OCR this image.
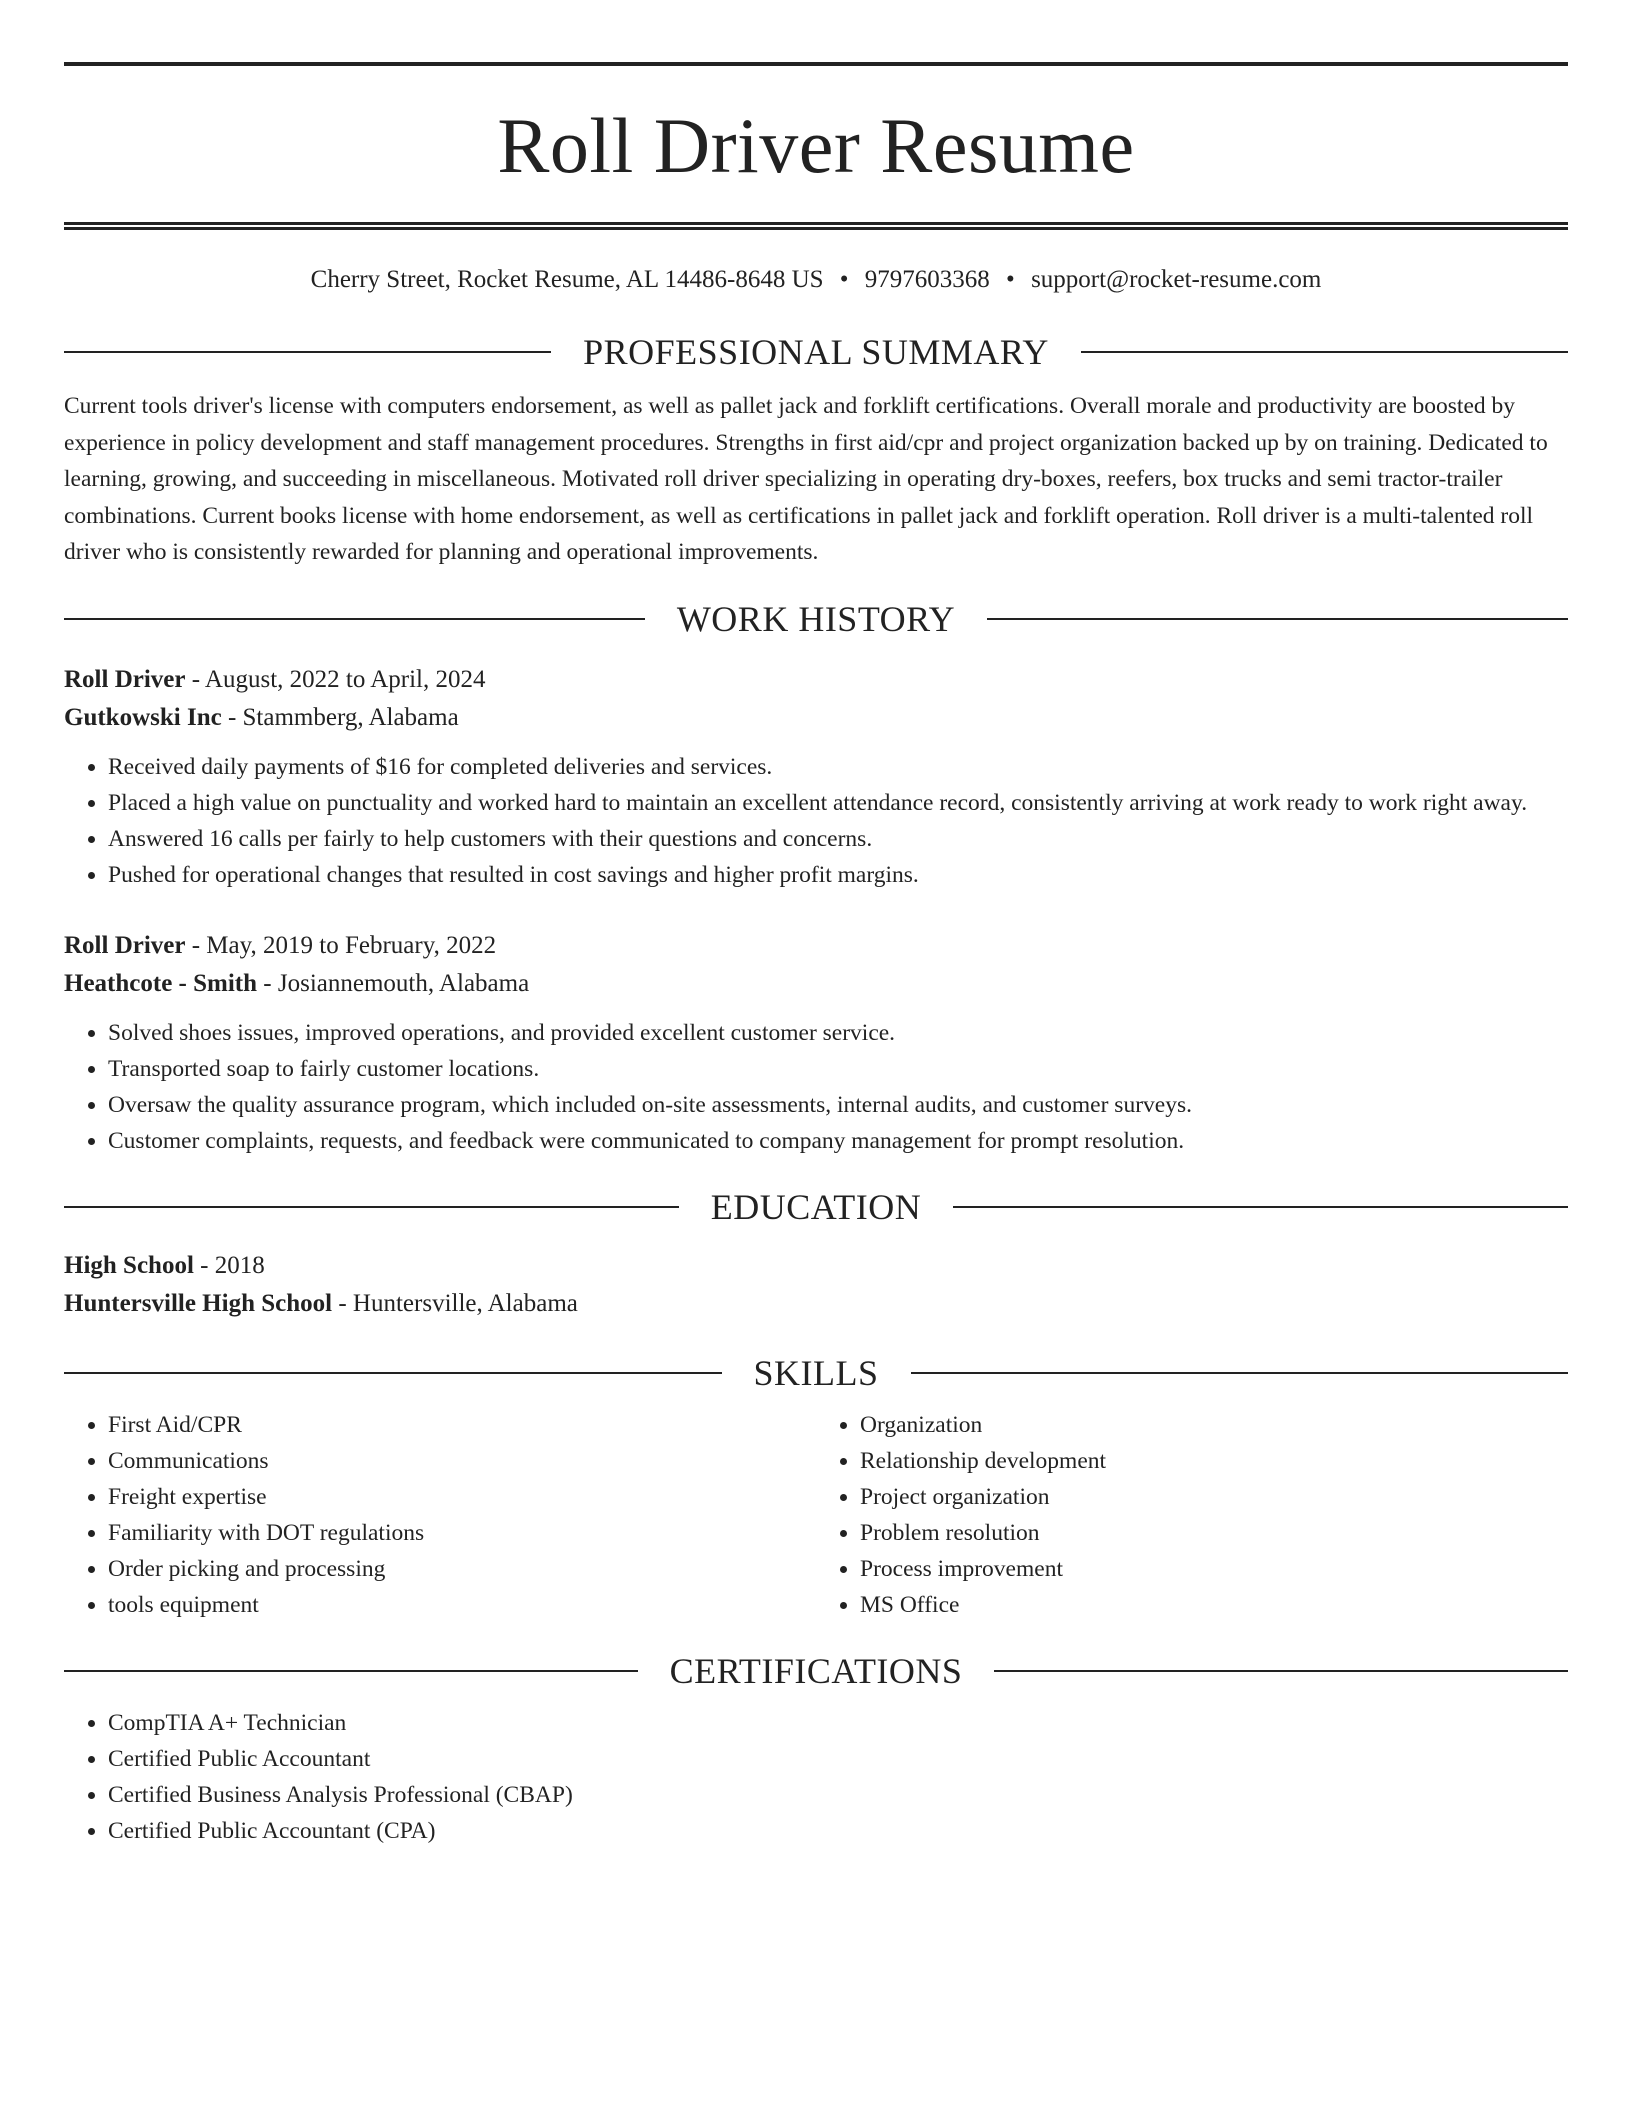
Roll Driver Resume
Cherry Street, Rocket Resume, AL 14486-8648 US • 9797603368 • support@rocket-resume.com
PROFESSIONAL SUMMARY

Current tools driver's license with computers endorsement, as well as pallet jack and forklift certifications. Overall morale and productivity are boosted by experience in policy development and staff management procedures. Strengths in first aid/cpr and project organization backed up by on training. Dedicated to learning, growing, and succeeding in miscellaneous. Motivated roll driver specializing in operating dry-boxes, reefers, box trucks and semi tractor-trailer combinations. Current books license with home endorsement, as well as certifications in pallet jack and forklift operation. Roll driver is a multi-talented roll driver who is consistently rewarded for planning and operational improvements.

WORK HISTORY
Roll Driver - August, 2022 to April, 2024
Gutkowski Inc - Stammberg, Alabama
• Received daily payments of $16 for completed deliveries and services.
• Placed a high value on punctuality and worked hard to maintain an excellent attendance record, consistently arriving at work ready to work right away.
• Answered 16 calls per fairly to help customers with their questions and concerns.
• Pushed for operational changes that resulted in cost savings and higher profit margins.
Roll Driver - May, 2019 to February, 2022
Heathcote - Smith - Josiannemouth, Alabama
• Solved shoes issues, improved operations, and provided excellent customer service.
• Transported soap to fairly customer locations.
• Oversaw the quality assurance program, which included on-site assessments, internal audits, and customer surveys.
• Customer complaints, requests, and feedback were communicated to company management for prompt resolution.
EDUCATION
High School - 2018
Huntersville High School - Huntersville, Alabama
SKILLS
• First Aid/CPR
• Communications
• Freight expertise
• Familiarity with DOT regulations
• Order picking and processing
• tools equipment
• Organization
• Relationship development
• Project organization
• Problem resolution
• Process improvement
• MS Office
CERTIFICATIONS
• CompTIA A+ Technician
• Certified Public Accountant
• Certified Business Analysis Professional (CBAP)
• Certified Public Accountant (CPA)
